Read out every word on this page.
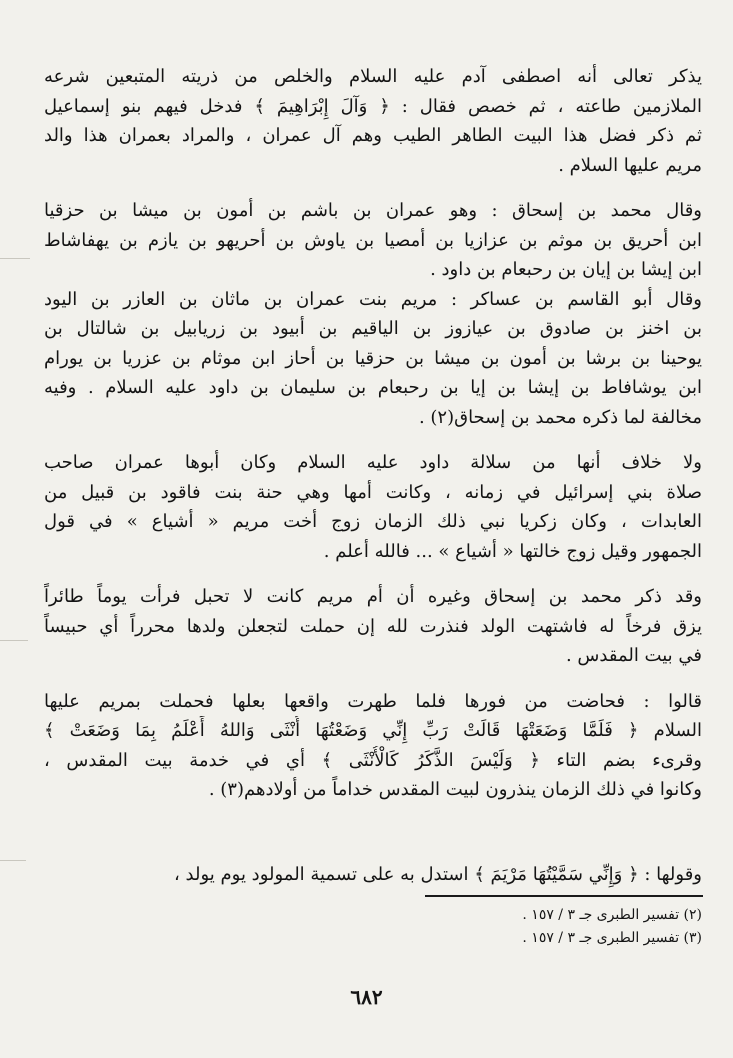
يذكر تعالى أنه اصطفى آدم عليه السلام والخلص من ذريته المتبعين شرعه
الملازمين طاعته ، ثم خصص فقال : ﴿ وَآلَ إِبْرَاهِيمَ ﴾ فدخل فيهم بنو إسماعيل
ثم ذكر فضل هذا البيت الطاهر الطيب وهم آل عمران ، والمراد بعمران هذا والد
مريم عليها السلام .
وقال محمد بن إسحاق : وهو عمران بن باشم بن أمون بن ميشا بن حزقيا
ابن أحريق بن موثم بن عزازيا بن أمصيا بن ياوش بن أحريهو بن يازم بن يهفاشاط
ابن إيشا بن إيان بن رحبعام بن داود .
وقال أبو القاسم بن عساكر : مريم بنت عمران بن ماثان بن العازر بن اليود
بن اخنز بن صادوق بن عيازوز بن الياقيم بن أبيود بن زريابيل بن شالتال بن
يوحينا بن برشا بن أمون بن ميشا بن حزقيا بن أحاز ابن موثام بن عزريا بن يورام
ابن يوشافاط بن إيشا بن إيا بن رحبعام بن سليمان بن داود عليه السلام . وفيه
مخالفة لما ذكره محمد بن إسحاق(٢) .
ولا خلاف أنها من سلالة داود عليه السلام وكان أبوها عمران صاحب
صلاة بني إسرائيل في زمانه ، وكانت أمها وهي حنة بنت فاقود بن قبيل من
العابدات ، وكان زكريا نبي ذلك الزمان زوج أخت مريم « أشياع » في قول
الجمهور وقيل زوج خالتها « أشياع » ... فالله أعلم .
وقد ذكر محمد بن إسحاق وغيره أن أم مريم كانت لا تحبل فرأت يوماً طائراً
يزق فرخاً له فاشتهت الولد فنذرت لله إن حملت لتجعلن ولدها محرراً أي حبيساً
في بيت المقدس .
قالوا : فحاضت من فورها فلما طهرت واقعها بعلها فحملت بمريم عليها
السلام ﴿ فَلَمَّا وَضَعَتْهَا قَالَتْ رَبِّ إِنِّي وَضَعْتُهَا أُنْثَى وَاللهُ أَعْلَمُ بِمَا وَضَعَتْ ﴾
وقرىء بضم التاء ﴿ وَلَيْسَ الذَّكَرُ كَالْأُنْثَى ﴾ أي في خدمة بيت المقدس ،
وكانوا في ذلك الزمان ينذرون لبيت المقدس خداماً من أولادهم(٣) .
وقولها : ﴿ وَإِنِّي سَمَّيْتُهَا مَرْيَمَ ﴾ استدل به على تسمية المولود يوم يولد ،
(٢) تفسير الطبرى جـ ٣ / ١٥٧ .
(٣) تفسير الطبرى جـ ٣ / ١٥٧ .
٦٨٢
